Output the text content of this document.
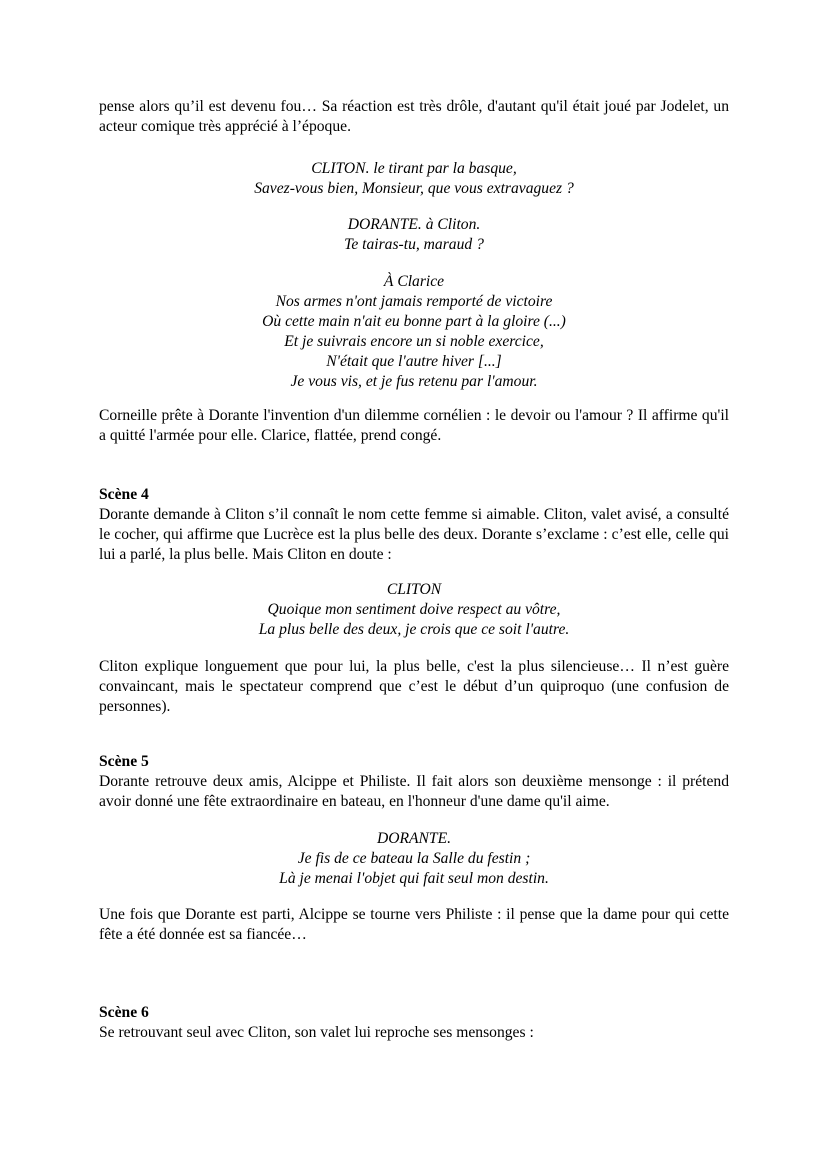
pense alors qu’il est devenu fou… Sa réaction est très drôle, d'autant qu'il était joué par Jodelet, un acteur comique très apprécié à l’époque.

CLITON. le tirant par la basque,
Savez-vous bien, Monsieur, que vous extravaguez ?
DORANTE. à Cliton.
Te tairas-tu, maraud ?
À Clarice
Nos armes n'ont jamais remporté de victoire
Où cette main n'ait eu bonne part à la gloire (...)
Et je suivrais encore un si noble exercice,
N'était que l'autre hiver [...]
Je vous vis, et je fus retenu par l'amour.

Corneille prête à Dorante l'invention d'un dilemme cornélien : le devoir ou l'amour ? Il affirme qu'il a quitté l'armée pour elle. Clarice, flattée, prend congé.

Scène 4

Dorante demande à Cliton s’il connaît le nom cette femme si aimable. Cliton, valet avisé, a consulté le cocher, qui affirme que Lucrèce est la plus belle des deux. Dorante s’exclame : c’est elle, celle qui lui a parlé, la plus belle. Mais Cliton en doute :

CLITON
Quoique mon sentiment doive respect au vôtre,
La plus belle des deux, je crois que ce soit l'autre.

Cliton explique longuement que pour lui, la plus belle, c'est la plus silencieuse… Il n’est guère convaincant, mais le spectateur comprend que c’est le début d’un quiproquo (une confusion de personnes).

Scène 5

Dorante retrouve deux amis, Alcippe et Philiste. Il fait alors son deuxième mensonge : il prétend avoir donné une fête extraordinaire en bateau, en l'honneur d'une dame qu'il aime.

DORANTE.
Je fis de ce bateau la Salle du festin ;
Là je menai l'objet qui fait seul mon destin.

Une fois que Dorante est parti, Alcippe se tourne vers Philiste : il pense que la dame pour qui cette fête a été donnée est sa fiancée…

Scène 6

Se retrouvant seul avec Cliton, son valet lui reproche ses mensonges :
